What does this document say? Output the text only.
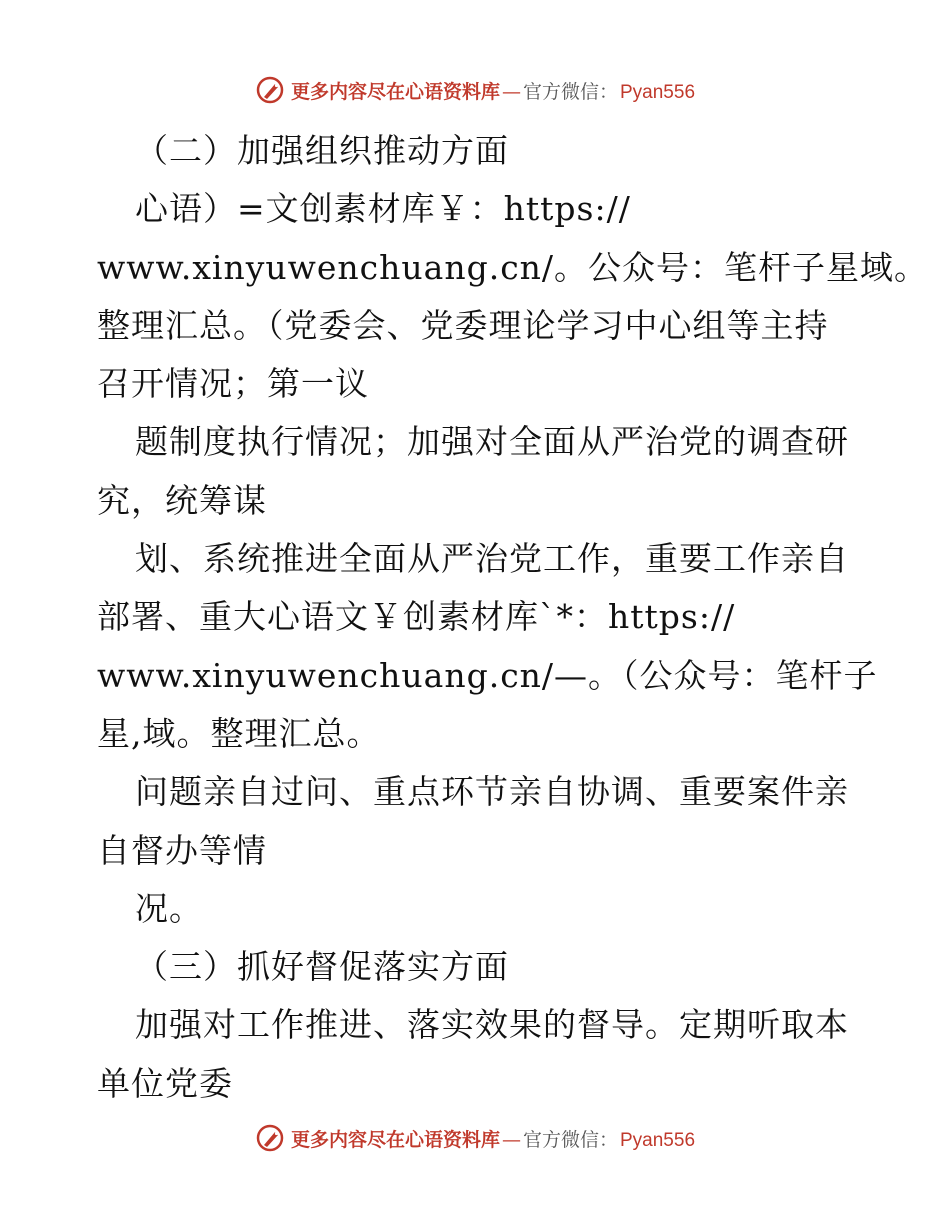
更多内容尽在心语资料库 — 官方微信： Pyan556
（二）加强组织推动方面
心语）=文创素材库￥：https://
www.xinyuwenchuang.cn/。公众号：笔杆子星域。
整理汇总。（党委会、党委理论学习中心组等主持
召开情况；第一议
题制度执行情况；加强对全面从严治党的调查研
究，统筹谋
划、系统推进全面从严治党工作，重要工作亲自
部署、重大心语文￥创素材库`*：https://
www.xinyuwenchuang.cn/—。（公众号：笔杆子
星,域。整理汇总。
问题亲自过问、重点环节亲自协调、重要案件亲
自督办等情
况。
（三）抓好督促落实方面
加强对工作推进、落实效果的督导。定期听取本
单位党委
更多内容尽在心语资料库 — 官方微信： Pyan556
